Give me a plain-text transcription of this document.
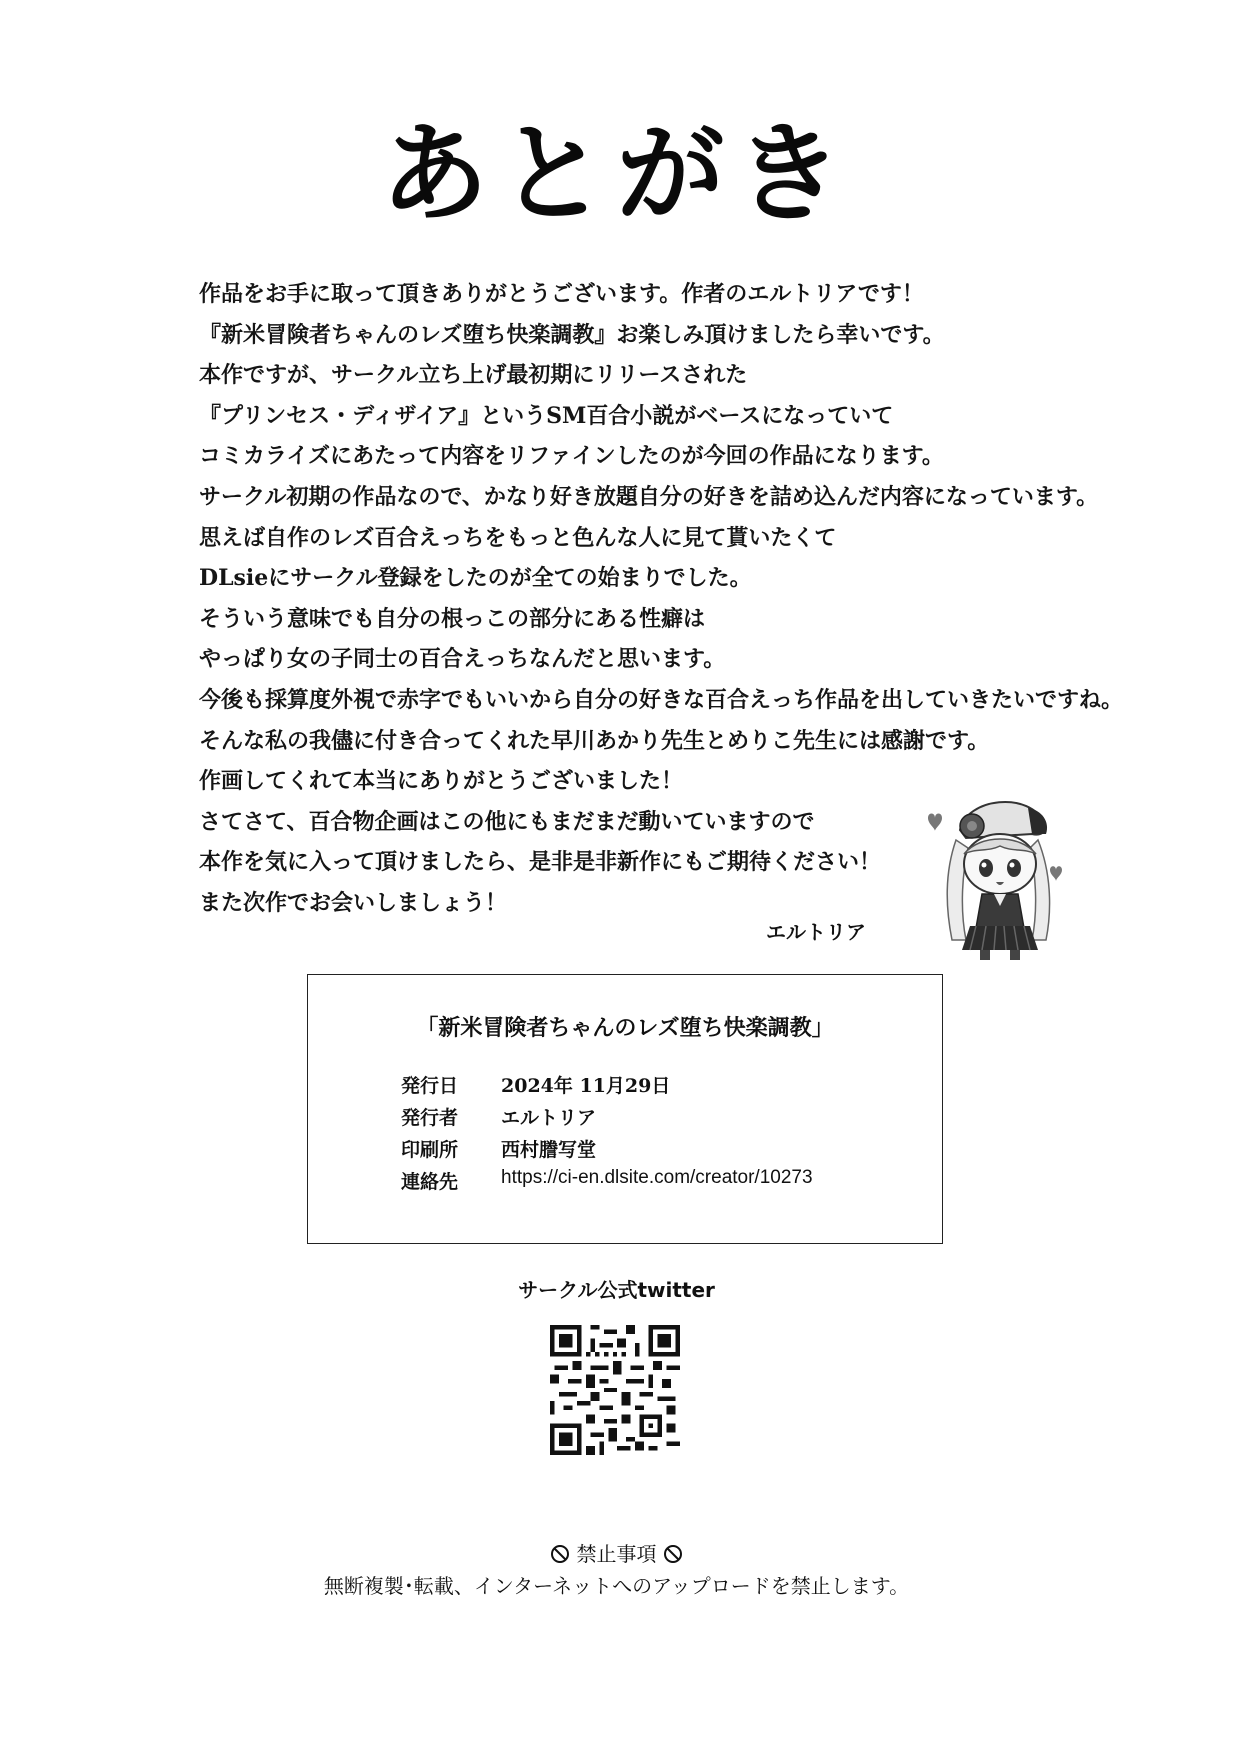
あとがき
作品をお手に取って頂きありがとうございます。作者のエルトリアです！
『新米冒険者ちゃんのレズ堕ち快楽調教』お楽しみ頂けましたら幸いです。
本作ですが、サークル立ち上げ最初期にリリースされた
『プリンセス・ディザイア』というSM百合小説がベースになっていて
コミカライズにあたって内容をリファインしたのが今回の作品になります。
サークル初期の作品なので、かなり好き放題自分の好きを詰め込んだ内容になっています。
思えば自作のレズ百合えっちをもっと色んな人に見て貰いたくて
DLsieにサークル登録をしたのが全ての始まりでした。
そういう意味でも自分の根っこの部分にある性癖は
やっぱり女の子同士の百合えっちなんだと思います。
今後も採算度外視で赤字でもいいから自分の好きな百合えっち作品を出していきたいですね。
そんな私の我儘に付き合ってくれた早川あかり先生とめりこ先生には感謝です。
作画してくれて本当にありがとうございました！
さてさて、百合物企画はこの他にもまだまだ動いていますので
本作を気に入って頂けましたら、是非是非新作にもご期待ください！
また次作でお会いしましょう！
エルトリア
「新米冒険者ちゃんのレズ堕ち快楽調教」
発行日 2024年 11月29日
発行者 エルトリア
印刷所 西村謄写堂
連絡先 https://ci-en.dlsite.com/creator/10273
サークル公式twitter
禁止事項
無断複製･転載、インターネットへのアップロードを禁止します。
